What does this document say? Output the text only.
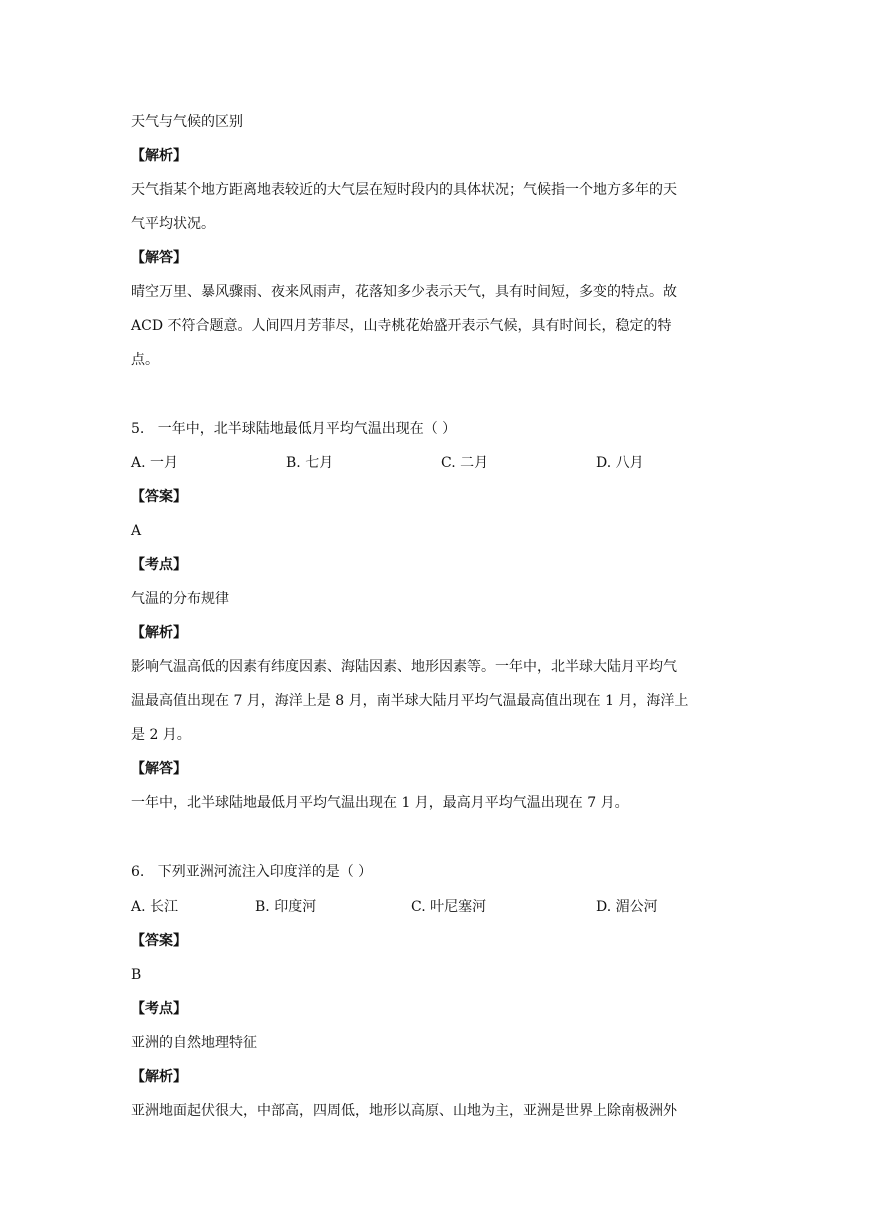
天气与气候的区别
【解析】
天气指某个地方距离地表较近的大气层在短时段内的具体状况；气候指一个地方多年的天
气平均状况。
【解答】
晴空万里、暴风骤雨、夜来风雨声，花落知多少表示天气，具有时间短，多变的特点。故
ACD 不符合题意。人间四月芳菲尽，山寺桃花始盛开表示气候，具有时间长，稳定的特
点。
5.   一年中，北半球陆地最低月平均气温出现在（ ）
A. 一月	B. 七月	C. 二月	D. 八月
【答案】
A
【考点】
气温的分布规律
【解析】
影响气温高低的因素有纬度因素、海陆因素、地形因素等。一年中，北半球大陆月平均气
温最高值出现在 7 月，海洋上是 8 月，南半球大陆月平均气温最高值出现在 1 月，海洋上
是 2 月。
【解答】
一年中，北半球陆地最低月平均气温出现在 1 月，最高月平均气温出现在 7 月。
6.   下列亚洲河流注入印度洋的是（ ）
A. 长江	B. 印度河	C. 叶尼塞河	D. 湄公河
【答案】
B
【考点】
亚洲的自然地理特征
【解析】
亚洲地面起伏很大，中部高，四周低，地形以高原、山地为主，亚洲是世界上除南极洲外
